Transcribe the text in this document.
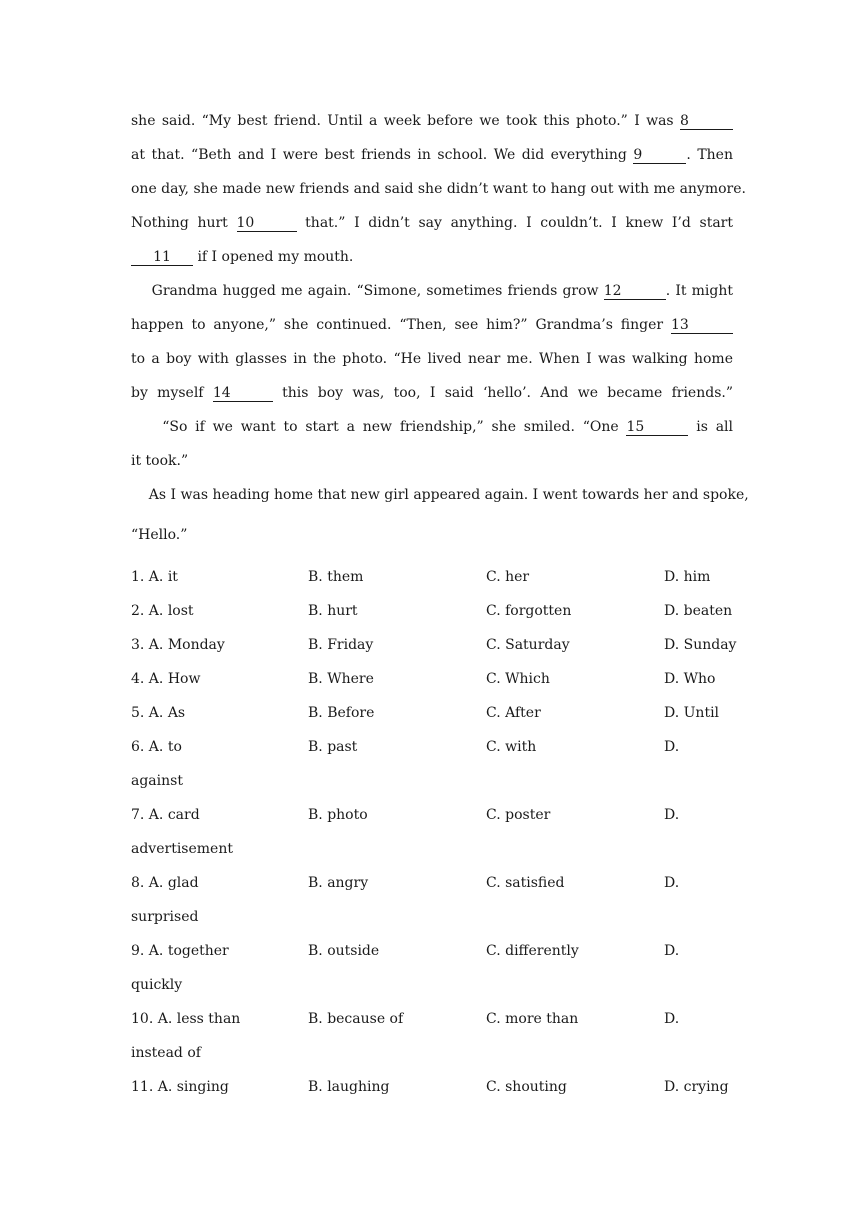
she said. “My best friend. Until a week before we took this photo.” I was 8
at that. “Beth and I were best friends in school. We did everything 9	. Then
one day, she made new friends and said she didn’t want to hang out with me anymore.
Nothing hurt 10	that.” I didn’t say anything. I couldn’t. I knew I’d start
11 if I opened my mouth.
Grandma hugged me again. “Simone, sometimes friends grow 12	. It might
happen to anyone,” she continued. “Then, see him?” Grandma’s finger 13
to a boy with glasses in the photo. “He lived near me. When I was walking home
by myself 14	this boy was, too, I said ‘hello’. And we became friends.”
“So if we want to start a new friendship,” she smiled. “One 15	is all
it took.”
As I was heading home that new girl appeared again. I went towards her and spoke,
“Hello.”
1. A. it	B. them	C. her	D. him
2. A. lost	B. hurt	C. forgotten	D. beaten
3. A. Monday	B. Friday	C. Saturday	D. Sunday
4. A. How	B. Where	C. Which	D. Who
5. A. As	B. Before	C. After	D. Until
6. A. to	B. past	C. with	D.
against
7. A. card	B. photo	C. poster	D.
advertisement
8. A. glad	B. angry	C. satisfied	D.
surprised
9. A. together	B. outside	C. differently	D.
quickly
10. A. less than	B. because of	C. more than	D.
instead of
11. A. singing	B. laughing	C. shouting	D. crying
